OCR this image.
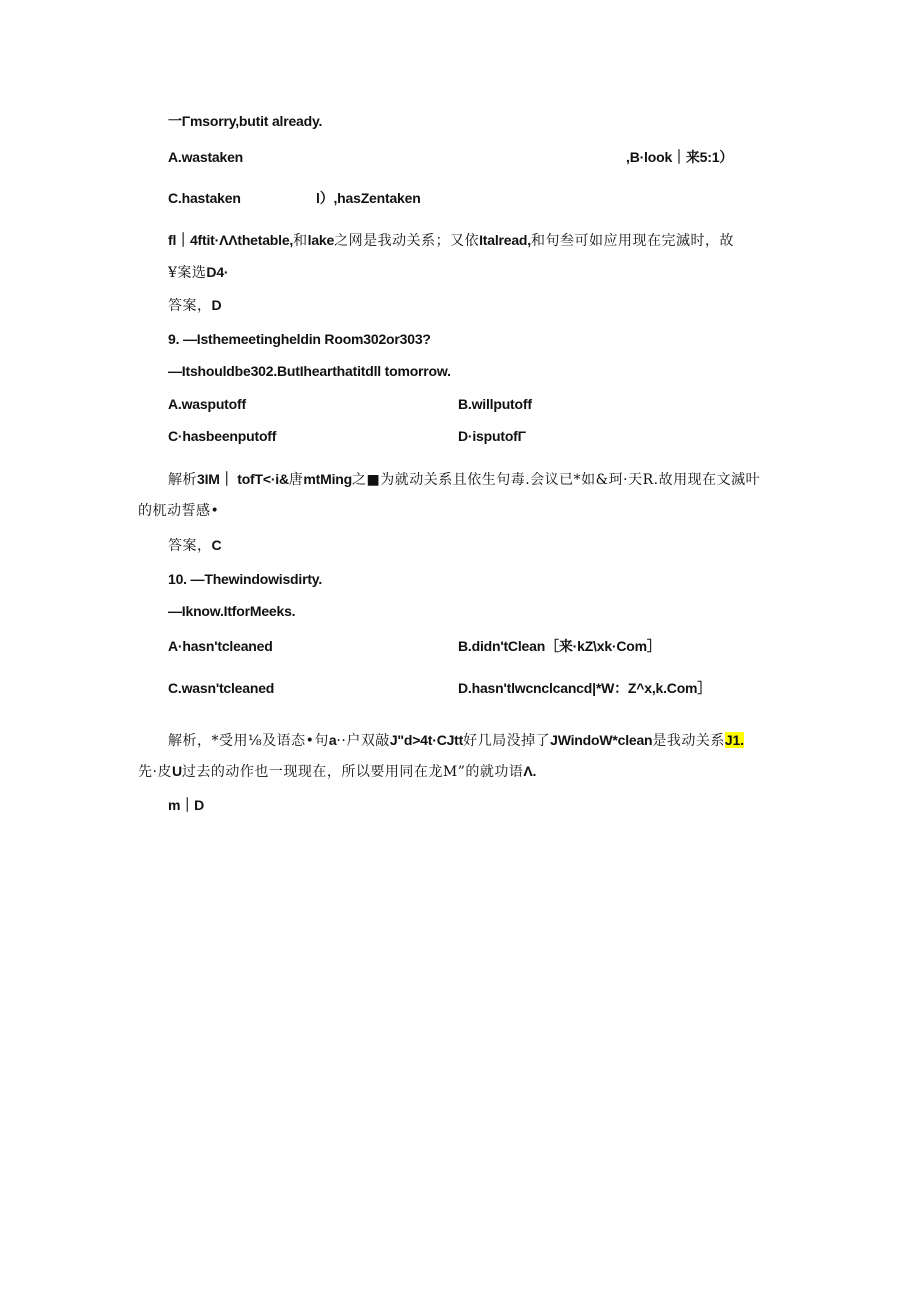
一Γmsorry,butit already.
A.wastaken	,B·look｜来5:1）
C.hastaken	l）,hasZentaken
fl｜4ftit·ΛΛthetable,和lake之网是我动关系；又依Italread,和句叁可如应用现在完滅时，故
¥案选D4·
答案，D
9. —Isthemeetingheldin Room302or303?
—Itshouldbe302.ButIhearthatitdll tomorrow.
A.wasputoff	B.willputoff
C·hasbeenputoff	D·isputofΓ
解析3IM｜ tofT<·i&唐mtMing之■为就动关系且依生句毒.会议已*如&珂·天R.故用现在文滅叶
的杌动誓感•
答案，C
10. —Thewindowisdirty.
—Iknow.ItforMeeks.
A·hasn'tcleaned	B.didn'tClean［来·kZ\xk·Com］
C.wasn'tcleaned	D.hasn'tlwcnclcancd|*W：Z^x,k.Com］
解析，*受用⅛及语态•句a··户双敲J"d>4t·CJtt好几局没掉了JWindoW*clean是我动关系J1.
先·皮U过去的动作也一现现在，所以要用同在龙M”的就功语Λ.
m｜D
